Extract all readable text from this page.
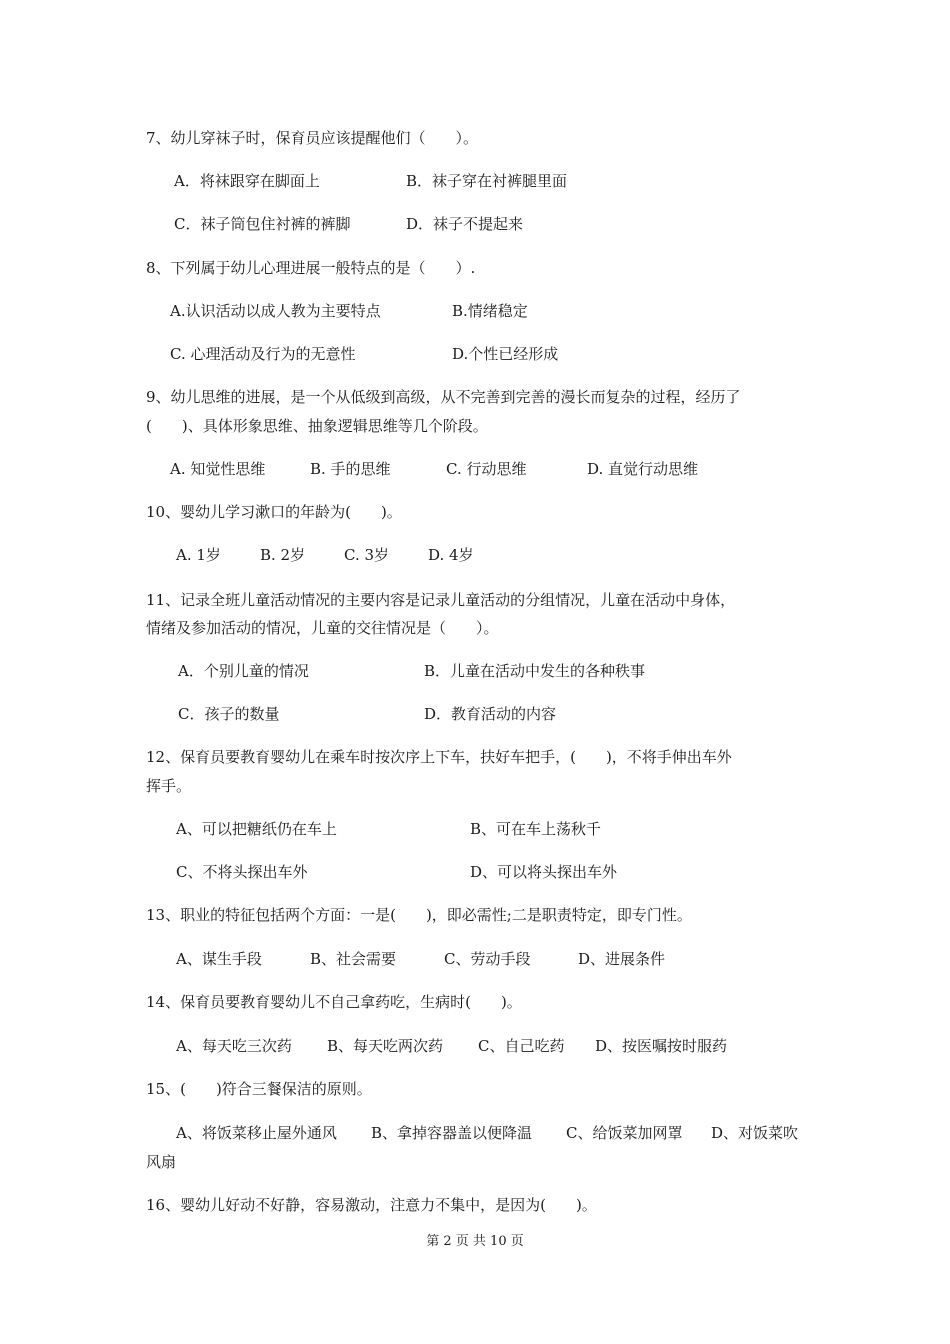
7、幼儿穿袜子时，保育员应该提醒他们（　　）。
A．将袜跟穿在脚面上	B．袜子穿在衬裤腿里面
C．袜子筒包住衬裤的裤脚	D．袜子不提起来
8、下列属于幼儿心理进展一般特点的是（　　）.
A.认识活动以成人教为主要特点	B.情绪稳定
C. 心理活动及行为的无意性	D.个性已经形成
9、幼儿思维的进展，是一个从低级到高级，从不完善到完善的漫长而复杂的过程，经历了
(　　)、具体形象思维、抽象逻辑思维等几个阶段。
A. 知觉性思维	B. 手的思维	C. 行动思维	D. 直觉行动思维
10、婴幼儿学习漱口的年龄为(　　)。
A. 1岁	B. 2岁	C. 3岁	D. 4岁
11、记录全班儿童活动情况的主要内容是记录儿童活动的分组情况，儿童在活动中身体，
情绪及参加活动的情况，儿童的交往情况是（　　）。
A．个别儿童的情况	B．儿童在活动中发生的各种秩事
C．孩子的数量	D．教育活动的内容
12、保育员要教育婴幼儿在乘车时按次序上下车，扶好车把手，(　　)，不将手伸出车外
挥手。
A、可以把糖纸仍在车上	B、可在车上荡秋千
C、不将头探出车外	D、可以将头探出车外
13、职业的特征包括两个方面：一是(　　)，即必需性;二是职责特定，即专门性。
A、谋生手段	B、社会需要	C、劳动手段	D、进展条件
14、保育员要教育婴幼儿不自己拿药吃，生病时(　　)。
A、每天吃三次药 B、每天吃两次药 C、自己吃药 D、按医嘱按时服药
15、(　　)符合三餐保洁的原则。
A、将饭菜移止屋外通风 B、拿掉容器盖以便降温 C、给饭菜加网罩 D、对饭菜吹
风扇
16、婴幼儿好动不好静，容易激动，注意力不集中，是因为(　　)。
第 2 页 共 10 页
